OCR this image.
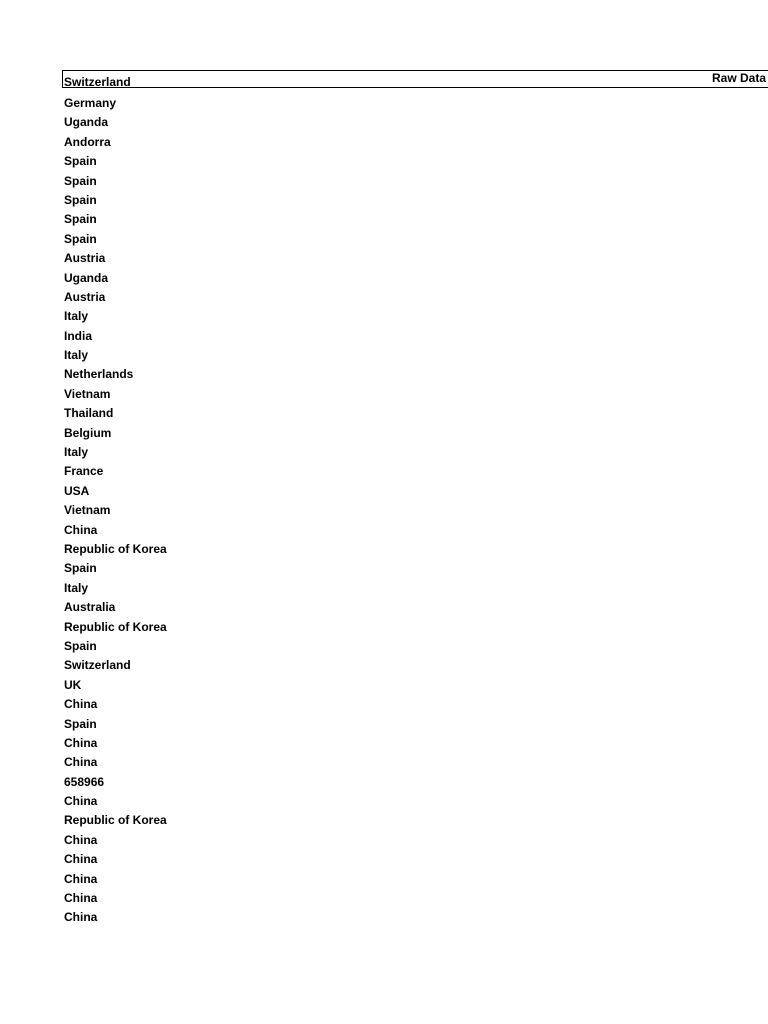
Switzerland	Raw Data
Germany
Uganda
Andorra
Spain
Spain
Spain
Spain
Spain
Austria
Uganda
Austria
Italy
India
Italy
Netherlands
Vietnam
Thailand
Belgium
Italy
France
USA
Vietnam
China
Republic of Korea
Spain
Italy
Australia
Republic of Korea
Spain
Switzerland
UK
China
Spain
China
China
658966
China
Republic of Korea
China
China
China
China
China
